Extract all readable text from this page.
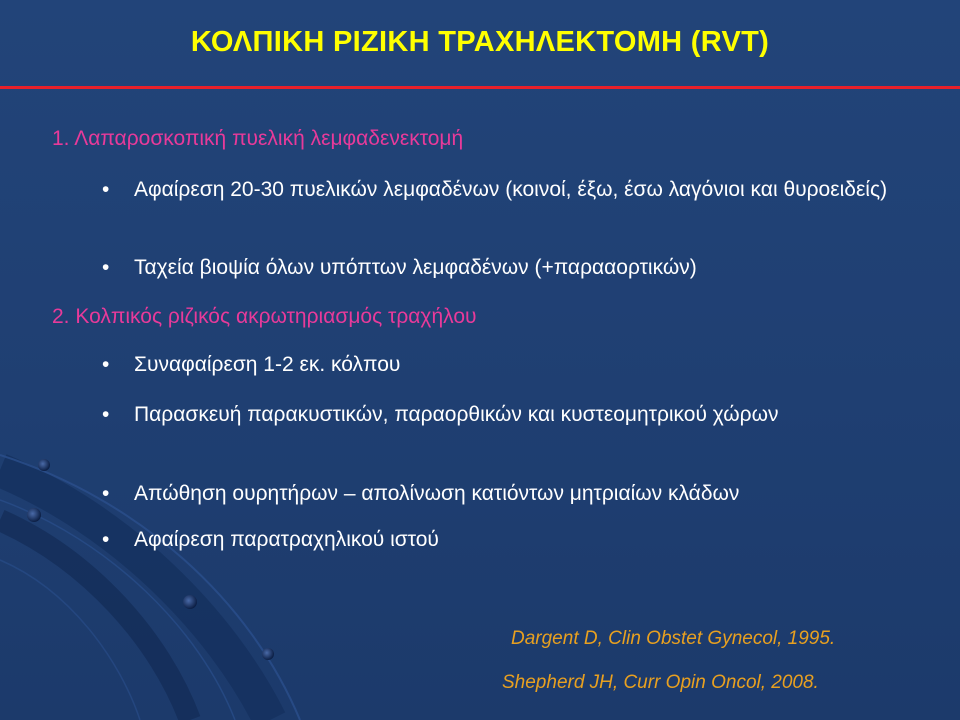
ΚΟΛΠΙΚΗ ΡΙΖΙΚΗ ΤΡΑΧΗΛΕΚΤΟΜΗ (RVT)
1. Λαπαροσκοπική πυελική λεμφαδενεκτομή
• Αφαίρεση 20-30 πυελικών λεμφαδένων (κοινοί, έξω, έσω λαγόνιοι και θυροειδείς)
• Ταχεία βιοψία όλων υπόπτων λεμφαδένων (+παρααορτικών)
2. Κολπικός ριζικός ακρωτηριασμός τραχήλου
• Συναφαίρεση 1-2 εκ. κόλπου
• Παρασκευή παρακυστικών, παραορθικών και κυστεομητρικού χώρων
• Απώθηση ουρητήρων – απολίνωση κατιόντων μητριαίων κλάδων
• Αφαίρεση παρατραχηλικού ιστού
Dargent D, Clin Obstet Gynecol, 1995.
Shepherd JH, Curr Opin Oncol, 2008.
